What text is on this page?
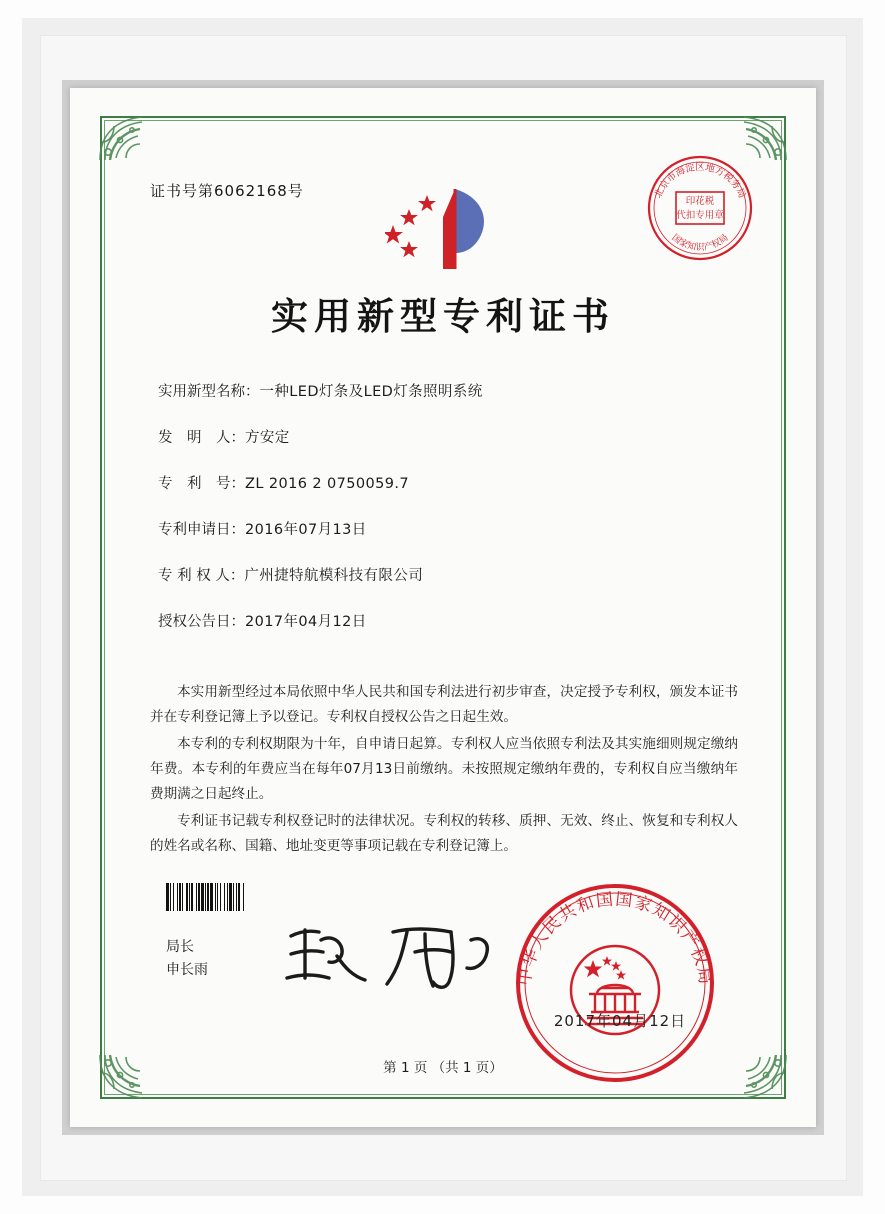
证书号第6062168号	北京市海淀区地方税务局
国家知识产权局
印花税
代扣专用章
实用新型专利证书
实用新型名称：一种LED灯条及LED灯条照明系统
发　明　人：方安定
专　利　号：ZL 2016 2 0750059.7
专利申请日：2016年07月13日
专 利 权 人：广州捷特航模科技有限公司
授权公告日：2017年04月12日

本实用新型经过本局依照中华人民共和国专利法进行初步审查，决定授予专利权，颁发本证书并在专利登记簿上予以登记。专利权自授权公告之日起生效。

本专利的专利权期限为十年，自申请日起算。专利权人应当依照专利法及其实施细则规定缴纳年费。本专利的年费应当在每年07月13日前缴纳。未按照规定缴纳年费的，专利权自应当缴纳年费期满之日起终止。

专利证书记载专利权登记时的法律状况。专利权的转移、质押、无效、终止、恢复和专利权人的姓名或名称、国籍、地址变更等事项记载在专利登记簿上。

局长
申长雨	中华人民共和国国家知识产权局
2017年04月12日
第 1 页 （共 1 页）
